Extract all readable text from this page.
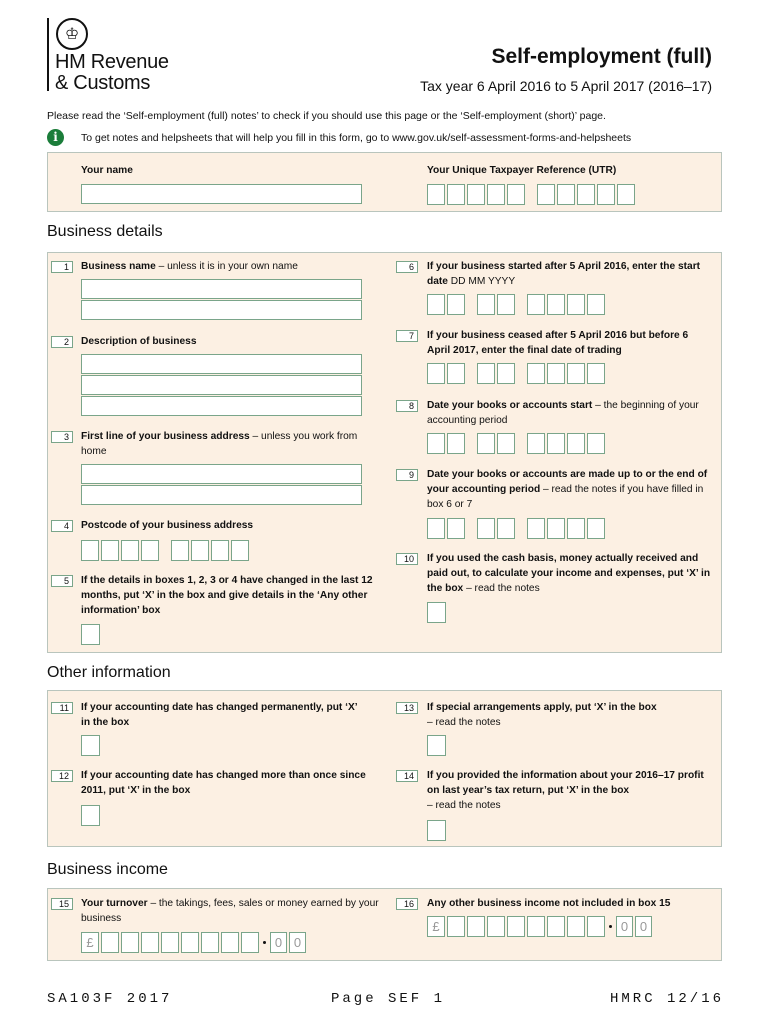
♔
HM Revenue
& Customs
Self-employment (full)
Tax year 6 April 2016 to 5 April 2017 (2016–17)
Please read the ‘Self-employment (full) notes’ to check if you should use this page or the ‘Self-employment (short)’ page.
i	To get notes and helpsheets that will help you fill in this form, go to www.gov.uk/self-assessment-forms-and-helpsheets
Your name	Your Unique Taxpayer Reference (UTR)
Business details
1	Business name – unless it is in your own name
2	Description of business
3	First line of your business address – unless you work from home
4	Postcode of your business address
5	If the details in boxes 1, 2, 3 or 4 have changed in the last 12 months, put ‘X’ in the box and give details in the ‘Any other information’ box
6	If your business started after 5 April 2016, enter the start date DD MM YYYY
7	If your business ceased after 5 April 2016 but before 6 April 2017, enter the final date of trading
8	Date your books or accounts start – the beginning of your accounting period
9	Date your books or accounts are made up to or the end of your accounting period – read the notes if you have filled in box 6 or 7
10	If you used the cash basis, money actually received and paid out, to calculate your income and expenses, put ‘X’ in the box – read the notes
Other information
11	If your accounting date has changed permanently, put ‘X’ in the box
12	If your accounting date has changed more than once since 2011, put ‘X’ in the box
13	If special arrangements apply, put ‘X’ in the box
– read the notes
14	If you provided the information about your 2016–17 profit on last year’s tax return, put ‘X’ in the box
– read the notes
Business income
15	Your turnover – the takings, fees, sales or money earned by your business
£	0 0
16	Any other business income not included in box 15
£	0 0
SA103F 2017	Page SEF 1	HMRC 12/16
